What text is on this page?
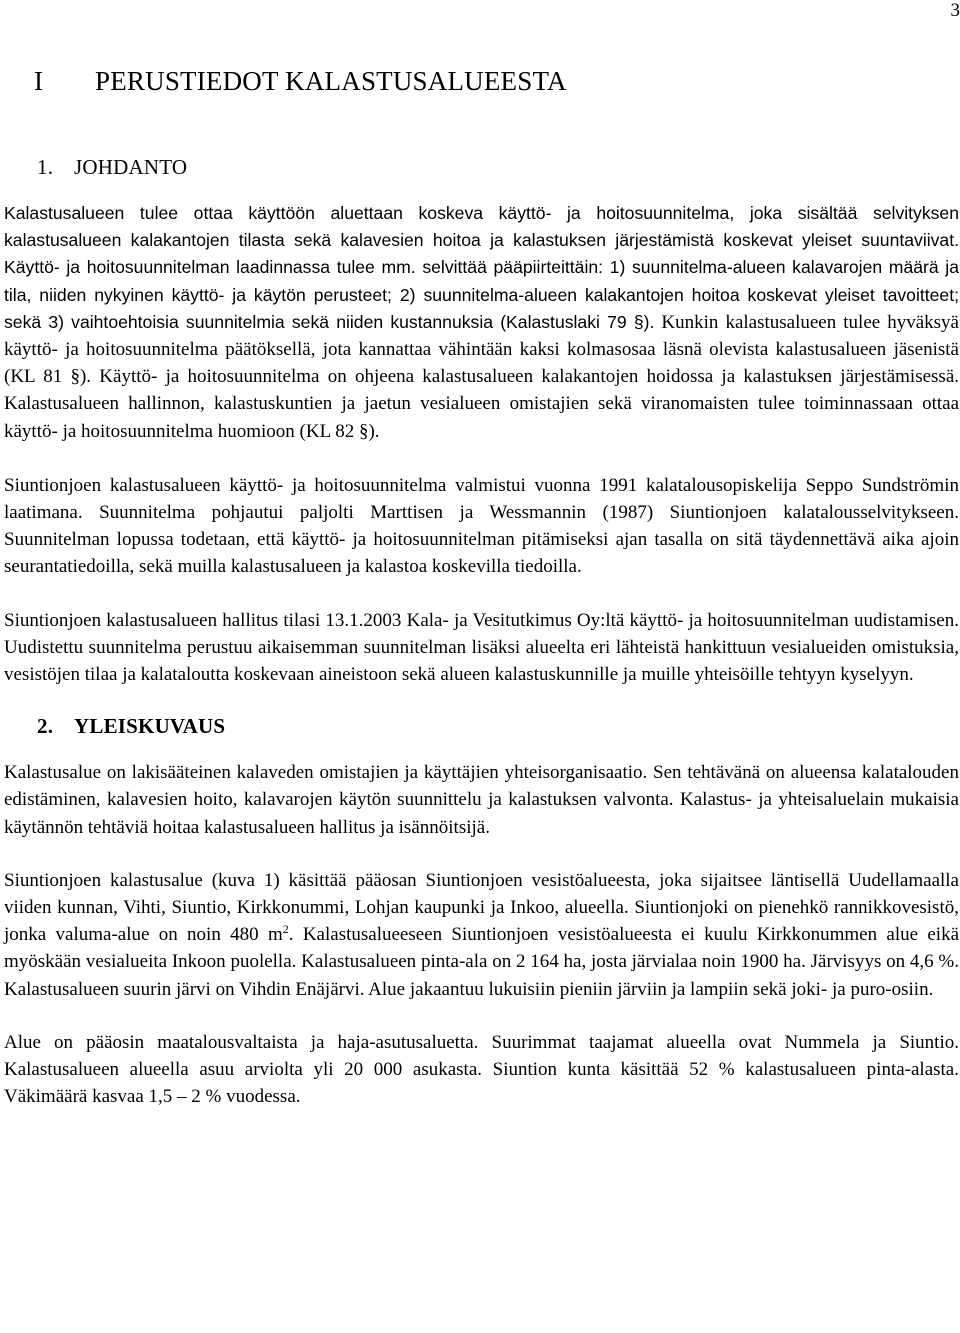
3
I PERUSTIEDOT KALASTUSALUEESTA
1. JOHDANTO

Kalastusalueen tulee ottaa käyttöön aluettaan koskeva käyttö- ja hoitosuunnitelma, joka sisältää selvityksen kalastusalueen kalakantojen tilasta sekä kalavesien hoitoa ja kalastuksen järjestämistä koskevat yleiset suuntaviivat. Käyttö- ja hoitosuunnitelman laadinnassa tulee mm. selvittää pääpiirteittäin: 1) suunnitelma-alueen kalavarojen määrä ja tila, niiden nykyinen käyttö- ja käytön perusteet; 2) suunnitelma-alueen kalakantojen hoitoa koskevat yleiset tavoitteet; sekä 3) vaihtoehtoisia suunnitelmia sekä niiden kustannuksia (Kalastuslaki 79 §). Kunkin kalastusalueen tulee hyväksyä käyttö- ja hoitosuunnitelma päätöksellä, jota kannattaa vähintään kaksi kolmasosaa läsnä olevista kalastusalueen jäsenistä (KL 81 §). Käyttö- ja hoitosuunnitelma on ohjeena kalastusalueen kalakantojen hoidossa ja kalastuksen järjestämisessä. Kalastusalueen hallinnon, kalastuskuntien ja jaetun vesialueen omistajien sekä viranomaisten tulee toiminnassaan ottaa käyttö- ja hoitosuunnitelma huomioon (KL 82 §).

Siuntionjoen kalastusalueen käyttö- ja hoitosuunnitelma valmistui vuonna 1991 kalatalousopiskelija Seppo Sundströmin laatimana. Suunnitelma pohjautui paljolti Marttisen ja Wessmannin (1987) Siuntionjoen kalatalousselvitykseen. Suunnitelman lopussa todetaan, että käyttö- ja hoitosuunnitelman pitämiseksi ajan tasalla on sitä täydennettävä aika ajoin seurantatiedoilla, sekä muilla kalastusalueen ja kalastoa koskevilla tiedoilla.

Siuntionjoen kalastusalueen hallitus tilasi 13.1.2003 Kala- ja Vesitutkimus Oy:ltä käyttö- ja hoitosuunnitelman uudistamisen. Uudistettu suunnitelma perustuu aikaisemman suunnitelman lisäksi alueelta eri lähteistä hankittuun vesialueiden omistuksia, vesistöjen tilaa ja kalataloutta koskevaan aineistoon sekä alueen kalastuskunnille ja muille yhteisöille tehtyyn kyselyyn.

2. YLEISKUVAUS

Kalastusalue on lakisääteinen kalaveden omistajien ja käyttäjien yhteisorganisaatio. Sen tehtävänä on alueensa kalatalouden edistäminen, kalavesien hoito, kalavarojen käytön suunnittelu ja kalastuksen valvonta. Kalastus- ja yhteisaluelain mukaisia käytännön tehtäviä hoitaa kalastusalueen hallitus ja isännöitsijä.

Siuntionjoen kalastusalue (kuva 1) käsittää pääosan Siuntionjoen vesistöalueesta, joka sijaitsee läntisellä Uudellamaalla viiden kunnan, Vihti, Siuntio, Kirkkonummi, Lohjan kaupunki ja Inkoo, alueella. Siuntionjoki on pienehkö rannikkovesistö, jonka valuma-alue on noin 480 $m^2$. Kalastusalueeseen Siuntionjoen vesistöalueesta ei kuulu Kirkkonummen alue eikä myöskään vesialueita Inkoon puolella. Kalastusalueen pinta-ala on 2 164 ha, josta järvialaa noin 1900 ha. Järvisyys on 4,6 %. Kalastusalueen suurin järvi on Vihdin Enäjärvi. Alue jakaantuu lukuisiin pieniin järviin ja lampiin sekä joki- ja puro-osiin.

Alue on pääosin maatalousvaltaista ja haja-asutusaluetta. Suurimmat taajamat alueella ovat Nummela ja Siuntio. Kalastusalueen alueella asuu arviolta yli 20 000 asukasta. Siuntion kunta käsittää 52 % kalastusalueen pinta-alasta. Väkimäärä kasvaa 1,5 – 2 % vuodessa.
